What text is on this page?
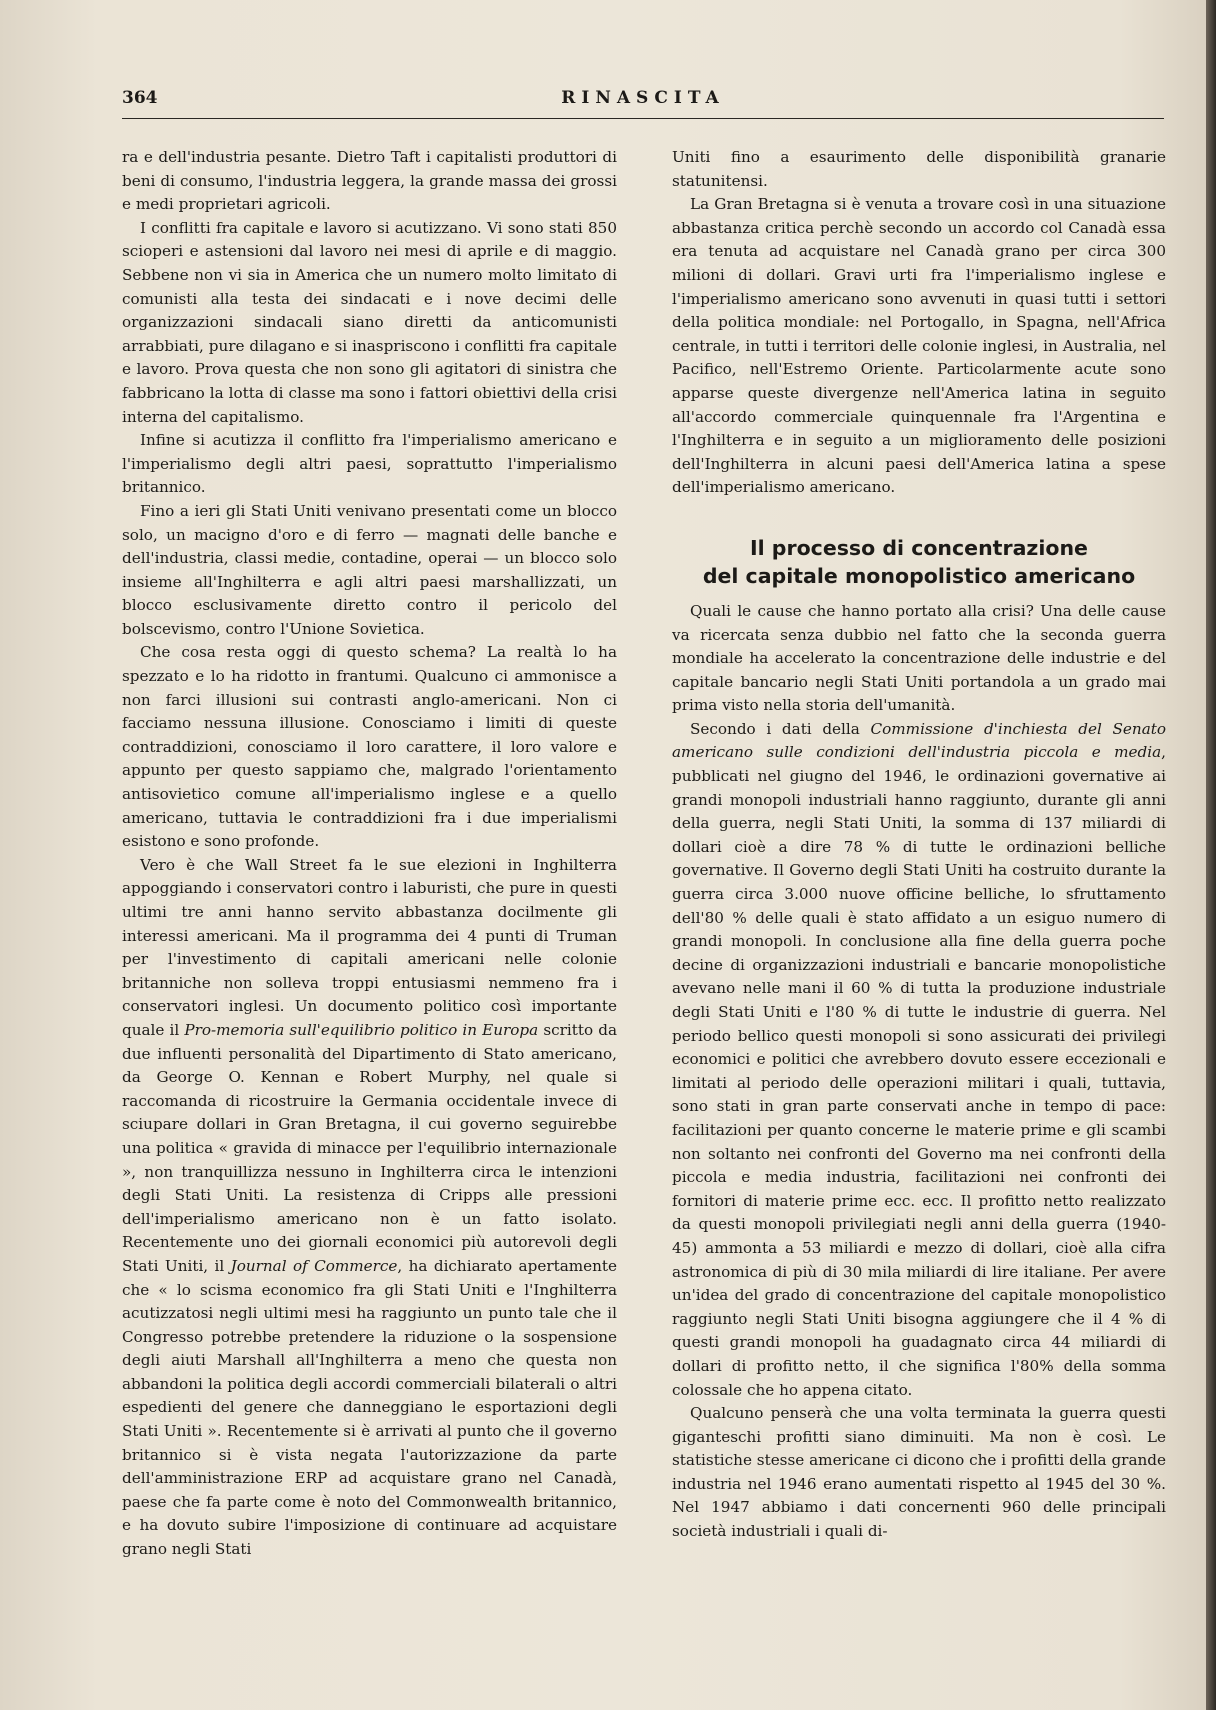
364	RINASCITA

ra e dell'industria pesante. Dietro Taft i capitalisti produttori di beni di consumo, l'industria leggera, la grande massa dei grossi e medi proprietari agricoli.

I conflitti fra capitale e lavoro si acutizzano. Vi sono stati 850 scioperi e astensioni dal lavoro nei mesi di aprile e di maggio. Sebbene non vi sia in America che un numero molto limitato di comunisti alla testa dei sindacati e i nove decimi delle organizzazioni sindacali siano diretti da anticomunisti arrabbiati, pure dilagano e si inaspriscono i conflitti fra capitale e lavoro. Prova questa che non sono gli agitatori di sinistra che fabbricano la lotta di classe ma sono i fattori obiettivi della crisi interna del capitalismo.

Infine si acutizza il conflitto fra l'imperialismo americano e l'imperialismo degli altri paesi, soprattutto l'imperialismo britannico.

Fino a ieri gli Stati Uniti venivano presentati come un blocco solo, un macigno d'oro e di ferro — magnati delle banche e dell'industria, classi medie, contadine, operai — un blocco solo insieme all'Inghilterra e agli altri paesi marshallizzati, un blocco esclusivamente diretto contro il pericolo del bolscevismo, contro l'Unione Sovietica.

Che cosa resta oggi di questo schema? La realtà lo ha spezzato e lo ha ridotto in frantumi. Qualcuno ci ammonisce a non farci illusioni sui contrasti anglo-americani. Non ci facciamo nessuna illusione. Conosciamo i limiti di queste contraddizioni, conosciamo il loro carattere, il loro valore e appunto per questo sappiamo che, malgrado l'orientamento antisovietico comune all'imperialismo inglese e a quello americano, tuttavia le contraddizioni fra i due imperialismi esistono e sono profonde.

Vero è che Wall Street fa le sue elezioni in Inghilterra appoggiando i conservatori contro i laburisti, che pure in questi ultimi tre anni hanno servito abbastanza docilmente gli interessi americani. Ma il programma dei 4 punti di Truman per l'investimento di capitali americani nelle colonie britanniche non solleva troppi entusiasmi nemmeno fra i conservatori inglesi. Un documento politico così importante quale il Pro-memoria sull'equilibrio politico in Europa scritto da due influenti personalità del Dipartimento di Stato americano, da George O. Kennan e Robert Murphy, nel quale si raccomanda di ricostruire la Germania occidentale invece di sciupare dollari in Gran Bretagna, il cui governo seguirebbe una politica « gravida di minacce per l'equilibrio internazionale », non tranquillizza nessuno in Inghilterra circa le intenzioni degli Stati Uniti. La resistenza di Cripps alle pressioni dell'imperialismo americano non è un fatto isolato. Recentemente uno dei giornali economici più autorevoli degli Stati Uniti, il Journal of Commerce, ha dichiarato apertamente che « lo scisma economico fra gli Stati Uniti e l'Inghilterra acutizzatosi negli ultimi mesi ha raggiunto un punto tale che il Congresso potrebbe pretendere la riduzione o la sospensione degli aiuti Marshall all'Inghilterra a meno che questa non abbandoni la politica degli accordi commerciali bilaterali o altri espedienti del genere che danneggiano le esportazioni degli Stati Uniti ». Recentemente si è arrivati al punto che il governo britannico si è vista negata l'autorizzazione da parte dell'amministrazione ERP ad acquistare grano nel Canadà, paese che fa parte come è noto del Commonwealth britannico, e ha dovuto subire l'imposizione di continuare ad acquistare grano negli Stati

Uniti fino a esaurimento delle disponibilità granarie statunitensi.

La Gran Bretagna si è venuta a trovare così in una situazione abbastanza critica perchè secondo un accordo col Canadà essa era tenuta ad acquistare nel Canadà grano per circa 300 milioni di dollari. Gravi urti fra l'imperialismo inglese e l'imperialismo americano sono avvenuti in quasi tutti i settori della politica mondiale: nel Portogallo, in Spagna, nell'Africa centrale, in tutti i territori delle colonie inglesi, in Australia, nel Pacifico, nell'Estremo Oriente. Particolarmente acute sono apparse queste divergenze nell'America latina in seguito all'accordo commerciale quinquennale fra l'Argentina e l'Inghilterra e in seguito a un miglioramento delle posizioni dell'Inghilterra in alcuni paesi dell'America latina a spese dell'imperialismo americano.

Il processo di concentrazione
del capitale monopolistico americano

Quali le cause che hanno portato alla crisi? Una delle cause va ricercata senza dubbio nel fatto che la seconda guerra mondiale ha accelerato la concentrazione delle industrie e del capitale bancario negli Stati Uniti portandola a un grado mai prima visto nella storia dell'umanità.

Secondo i dati della Commissione d'inchiesta del Senato americano sulle condizioni dell'industria piccola e media, pubblicati nel giugno del 1946, le ordinazioni governative ai grandi monopoli industriali hanno raggiunto, durante gli anni della guerra, negli Stati Uniti, la somma di 137 miliardi di dollari cioè a dire 78 % di tutte le ordinazioni belliche governative. Il Governo degli Stati Uniti ha costruito durante la guerra circa 3.000 nuove officine belliche, lo sfruttamento dell'80 % delle quali è stato affidato a un esiguo numero di grandi monopoli. In conclusione alla fine della guerra poche decine di organizzazioni industriali e bancarie monopolistiche avevano nelle mani il 60 % di tutta la produzione industriale degli Stati Uniti e l'80 % di tutte le industrie di guerra. Nel periodo bellico questi monopoli si sono assicurati dei privilegi economici e politici che avrebbero dovuto essere eccezionali e limitati al periodo delle operazioni militari i quali, tuttavia, sono stati in gran parte conservati anche in tempo di pace: facilitazioni per quanto concerne le materie prime e gli scambi non soltanto nei confronti del Governo ma nei confronti della piccola e media industria, facilitazioni nei confronti dei fornitori di materie prime ecc. ecc. Il profitto netto realizzato da questi monopoli privilegiati negli anni della guerra (1940-45) ammonta a 53 miliardi e mezzo di dollari, cioè alla cifra astronomica di più di 30 mila miliardi di lire italiane. Per avere un'idea del grado di concentrazione del capitale monopolistico raggiunto negli Stati Uniti bisogna aggiungere che il 4 % di questi grandi monopoli ha guadagnato circa 44 miliardi di dollari di profitto netto, il che significa l'80% della somma colossale che ho appena citato.

Qualcuno penserà che una volta terminata la guerra questi giganteschi profitti siano diminuiti. Ma non è così. Le statistiche stesse americane ci dicono che i profitti della grande industria nel 1946 erano aumentati rispetto al 1945 del 30 %. Nel 1947 abbiamo i dati concernenti 960 delle principali società industriali i quali di-
